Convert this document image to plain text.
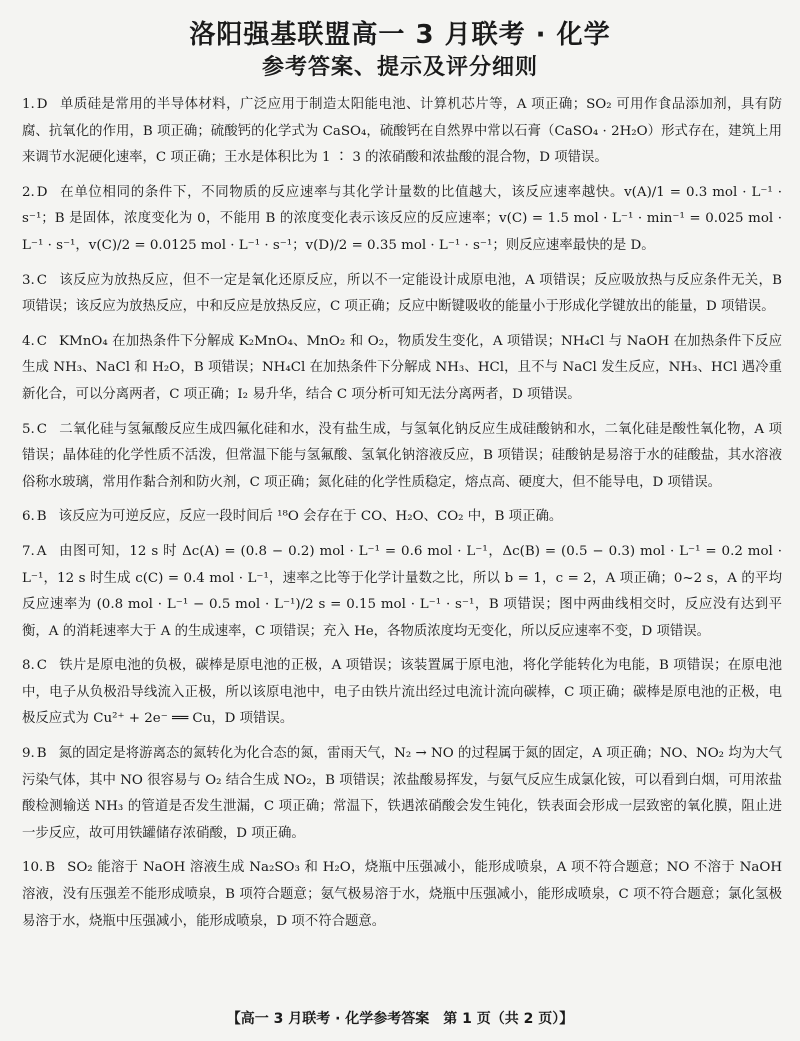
洛阳强基联盟高一 3 月联考 · 化学
参考答案、提示及评分细则

1. D 单质硅是常用的半导体材料，广泛应用于制造太阳能电池、计算机芯片等，A 项正确；SO₂ 可用作食品添加剂，具有防腐、抗氧化的作用，B 项正确；硫酸钙的化学式为 CaSO₄，硫酸钙在自然界中常以石膏（CaSO₄ · 2H₂O）形式存在，建筑上用来调节水泥硬化速率，C 项正确；王水是体积比为 1 ∶ 3 的浓硝酸和浓盐酸的混合物，D 项错误。

2. D 在单位相同的条件下，不同物质的反应速率与其化学计量数的比值越大，该反应速率越快。v(A)/1 = 0.3 mol · L⁻¹ · s⁻¹；B 是固体，浓度变化为 0，不能用 B 的浓度变化表示该反应的反应速率；v(C) = 1.5 mol · L⁻¹ · min⁻¹ = 0.025 mol · L⁻¹ · s⁻¹，v(C)/2 = 0.0125 mol · L⁻¹ · s⁻¹；v(D)/2 = 0.35 mol · L⁻¹ · s⁻¹；则反应速率最快的是 D。

3. C 该反应为放热反应，但不一定是氧化还原反应，所以不一定能设计成原电池，A 项错误；反应吸放热与反应条件无关，B 项错误；该反应为放热反应，中和反应是放热反应，C 项正确；反应中断键吸收的能量小于形成化学键放出的能量，D 项错误。

4. C KMnO₄ 在加热条件下分解成 K₂MnO₄、MnO₂ 和 O₂，物质发生变化，A 项错误；NH₄Cl 与 NaOH 在加热条件下反应生成 NH₃、NaCl 和 H₂O，B 项错误；NH₄Cl 在加热条件下分解成 NH₃、HCl，且不与 NaCl 发生反应，NH₃、HCl 遇冷重新化合，可以分离两者，C 项正确；I₂ 易升华，结合 C 项分析可知无法分离两者，D 项错误。

5. C 二氧化硅与氢氟酸反应生成四氟化硅和水，没有盐生成，与氢氧化钠反应生成硅酸钠和水，二氧化硅是酸性氧化物，A 项错误；晶体硅的化学性质不活泼，但常温下能与氢氟酸、氢氧化钠溶液反应，B 项错误；硅酸钠是易溶于水的硅酸盐，其水溶液俗称水玻璃，常用作黏合剂和防火剂，C 项正确；氮化硅的化学性质稳定，熔点高、硬度大，但不能导电，D 项错误。

6. B 该反应为可逆反应，反应一段时间后 ¹⁸O 会存在于 CO、H₂O、CO₂ 中，B 项正确。

7. A 由图可知，12 s 时 Δc(A) = (0.8 − 0.2) mol · L⁻¹ = 0.6 mol · L⁻¹，Δc(B) = (0.5 − 0.3) mol · L⁻¹ = 0.2 mol · L⁻¹，12 s 时生成 c(C) = 0.4 mol · L⁻¹，速率之比等于化学计量数之比，所以 b = 1，c = 2，A 项正确；0~2 s，A 的平均反应速率为 (0.8 mol · L⁻¹ − 0.5 mol · L⁻¹)/2 s = 0.15 mol · L⁻¹ · s⁻¹，B 项错误；图中两曲线相交时，反应没有达到平衡，A 的消耗速率大于 A 的生成速率，C 项错误；充入 He，各物质浓度均无变化，所以反应速率不变，D 项错误。

8. C 铁片是原电池的负极，碳棒是原电池的正极，A 项错误；该装置属于原电池，将化学能转化为电能，B 项错误；在原电池中，电子从负极沿导线流入正极，所以该原电池中，电子由铁片流出经过电流计流向碳棒，C 项正确；碳棒是原电池的正极，电极反应式为 Cu²⁺ + 2e⁻ ══ Cu，D 项错误。

9. B 氮的固定是将游离态的氮转化为化合态的氮，雷雨天气，N₂ → NO 的过程属于氮的固定，A 项正确；NO、NO₂ 均为大气污染气体，其中 NO 很容易与 O₂ 结合生成 NO₂，B 项错误；浓盐酸易挥发，与氨气反应生成氯化铵，可以看到白烟，可用浓盐酸检测输送 NH₃ 的管道是否发生泄漏，C 项正确；常温下，铁遇浓硝酸会发生钝化，铁表面会形成一层致密的氧化膜，阻止进一步反应，故可用铁罐储存浓硝酸，D 项正确。

10. B SO₂ 能溶于 NaOH 溶液生成 Na₂SO₃ 和 H₂O，烧瓶中压强减小，能形成喷泉，A 项不符合题意；NO 不溶于 NaOH 溶液，没有压强差不能形成喷泉，B 项符合题意；氨气极易溶于水，烧瓶中压强减小，能形成喷泉，C 项不符合题意；氯化氢极易溶于水，烧瓶中压强减小，能形成喷泉，D 项不符合题意。

【高一 3 月联考 · 化学参考答案　第 1 页（共 2 页）】
